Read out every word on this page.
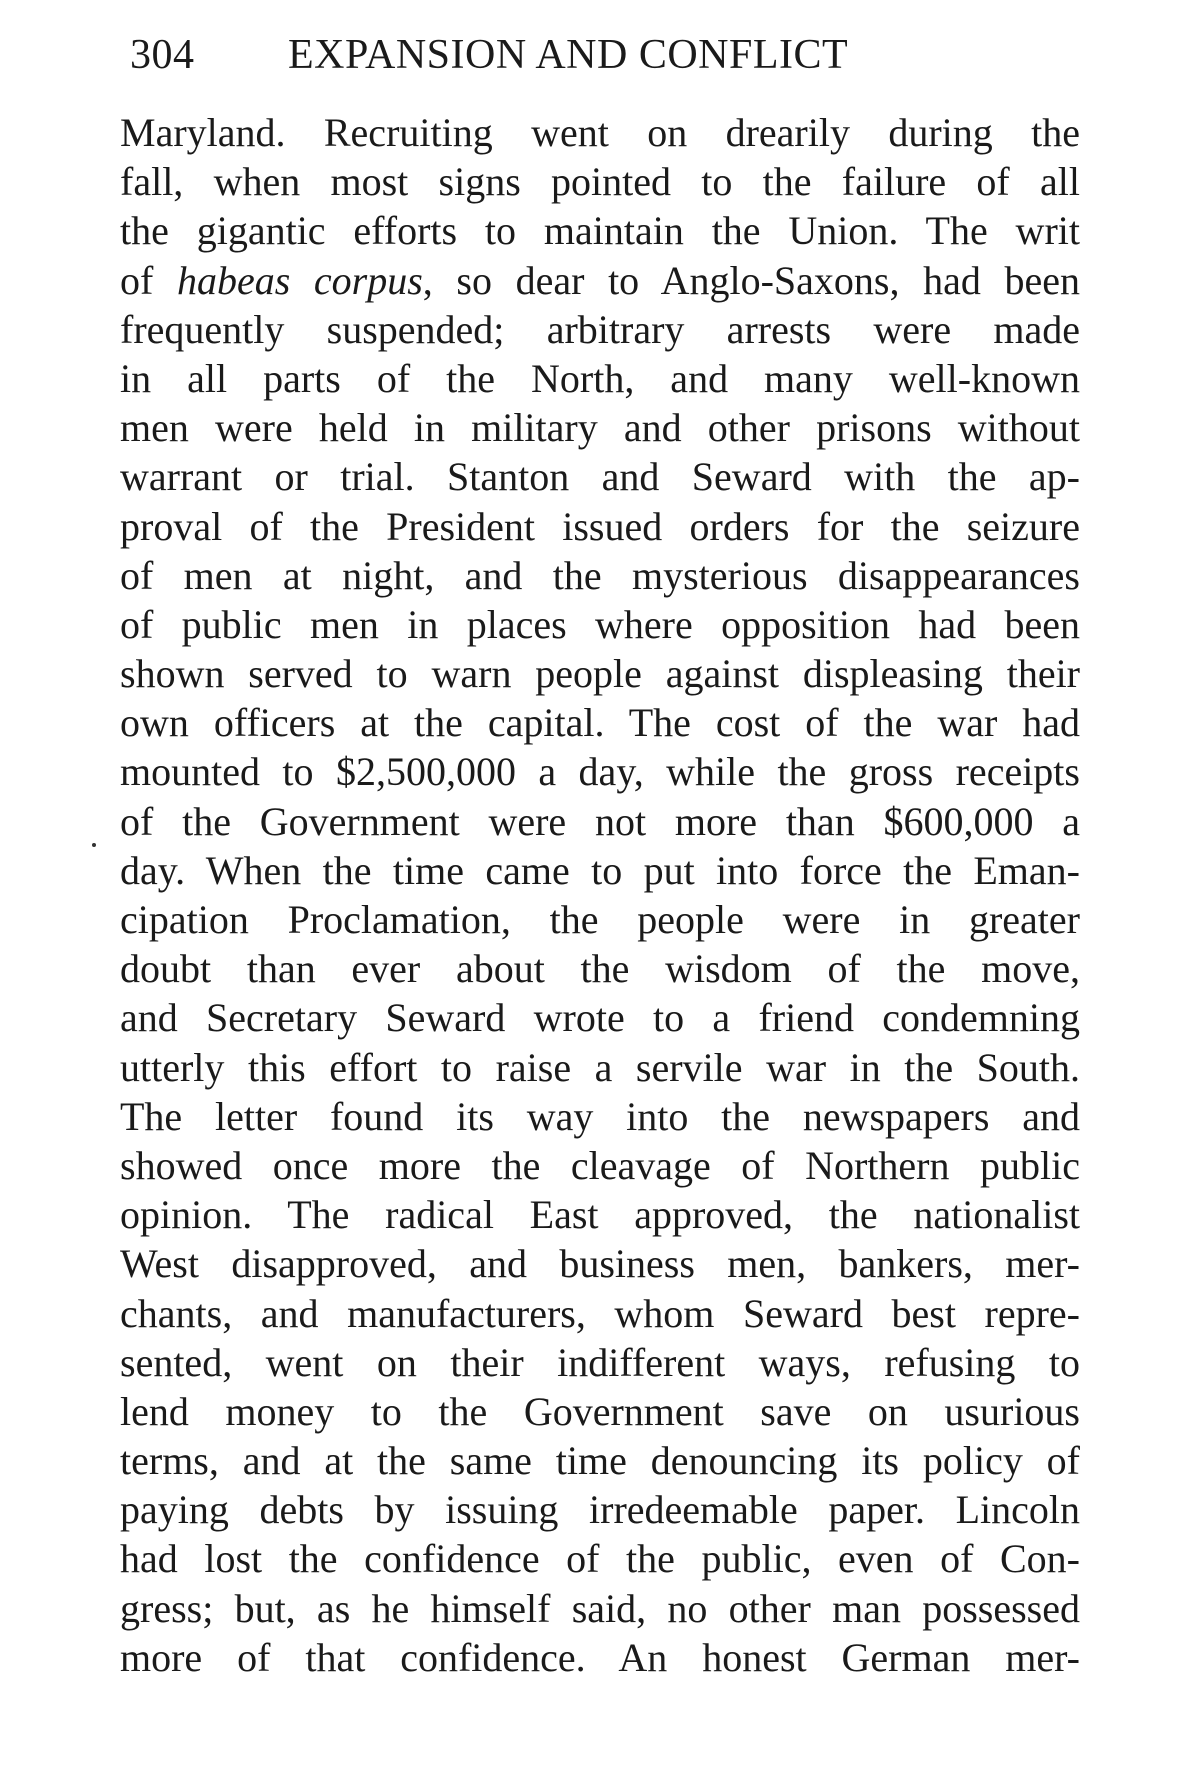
304 EXPANSION AND CONFLICT
Maryland. Recruiting went on drearily during the
fall, when most signs pointed to the failure of all
the gigantic efforts to maintain the Union. The writ
of habeas corpus, so dear to Anglo-Saxons, had been
frequently suspended; arbitrary arrests were made
in all parts of the North, and many well-known
men were held in military and other prisons without
warrant or trial. Stanton and Seward with the ap-
proval of the President issued orders for the seizure
of men at night, and the mysterious disappearances
of public men in places where opposition had been
shown served to warn people against displeasing their
own officers at the capital. The cost of the war had
mounted to $2,500,000 a day, while the gross receipts
of the Government were not more than $600,000 a
day. When the time came to put into force the Eman-
cipation Proclamation, the people were in greater
doubt than ever about the wisdom of the move,
and Secretary Seward wrote to a friend condemning
utterly this effort to raise a servile war in the South.
The letter found its way into the newspapers and
showed once more the cleavage of Northern public
opinion. The radical East approved, the nationalist
West disapproved, and business men, bankers, mer-
chants, and manufacturers, whom Seward best repre-
sented, went on their indifferent ways, refusing to
lend money to the Government save on usurious
terms, and at the same time denouncing its policy of
paying debts by issuing irredeemable paper. Lincoln
had lost the confidence of the public, even of Con-
gress; but, as he himself said, no other man possessed
more of that confidence. An honest German mer-
